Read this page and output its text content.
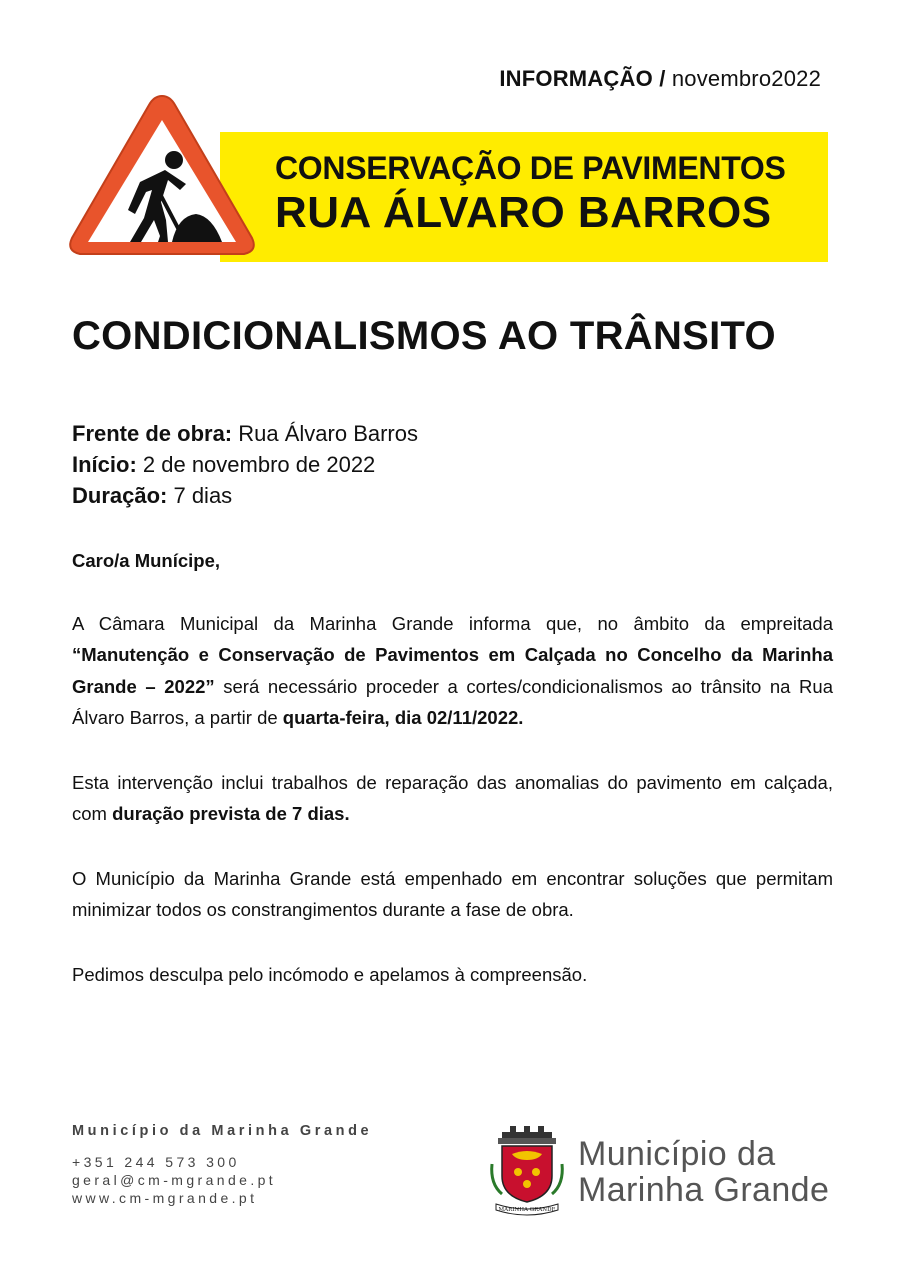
INFORMAÇÃO / novembro2022
CONSERVAÇÃO DE PAVIMENTOS
RUA ÁLVARO BARROS
CONDICIONALISMOS AO TRÂNSITO
Frente de obra: Rua Álvaro Barros
Início: 2 de novembro de 2022
Duração: 7 dias

Caro/a Munícipe,

A Câmara Municipal da Marinha Grande informa que, no âmbito da empreitada “Manutenção e Conservação de Pavimentos em Calçada no Concelho da Marinha Grande – 2022” será necessário proceder a cortes/condicionalismos ao trânsito na Rua Álvaro Barros, a partir de quarta-feira, dia 02/11/2022.

Esta intervenção inclui trabalhos de reparação das anomalias do pavimento em calçada, com duração prevista de 7 dias.

O Município da Marinha Grande está empenhado em encontrar soluções que permitam minimizar todos os constrangimentos durante a fase de obra.

Pedimos desculpa pelo incómodo e apelamos à compreensão.

Município da Marinha Grande
+351 244 573 300
geral@cm-mgrande.pt
www.cm-mgrande.pt
MARINHA GRANDE
Município da
Marinha Grande
